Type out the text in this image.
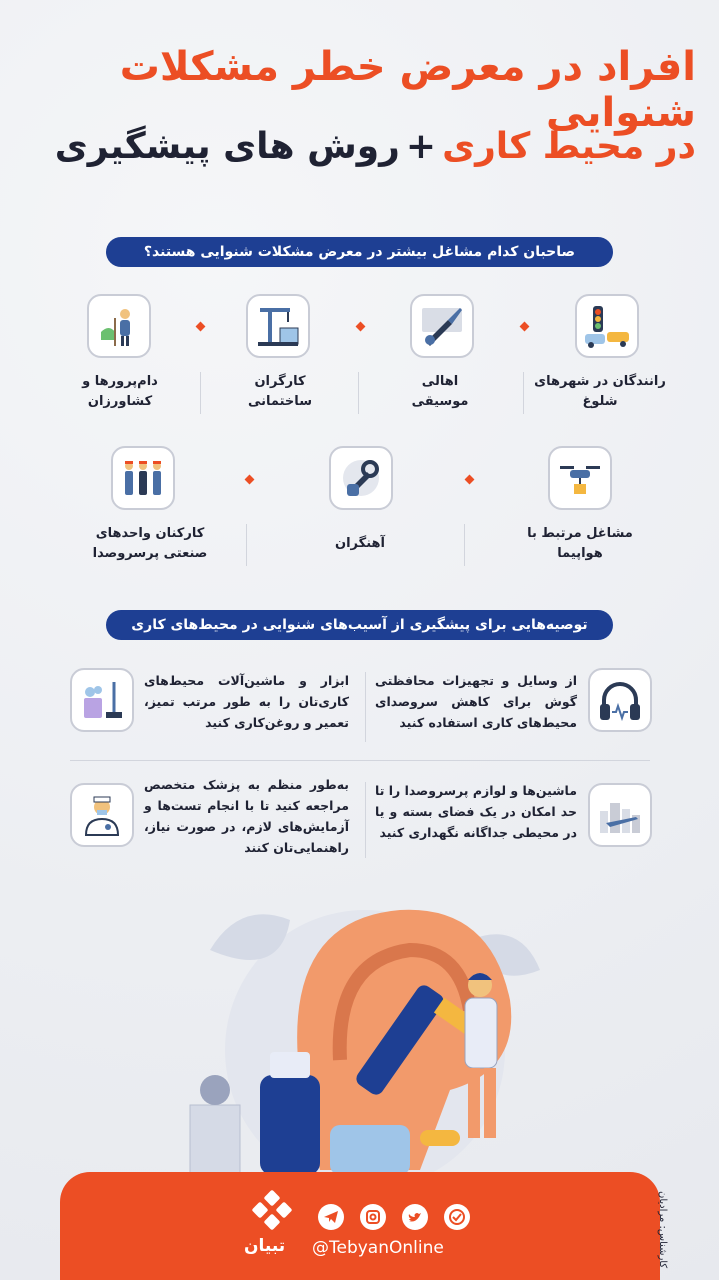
افراد در معرض خطر مشکلات شنوایی
در محیط کاری+روش های پیشگیری
صاحبان کدام مشاغل بیشتر در معرض مشکلات شنوایی هستند؟
رانندگان در شهرهای
شلوغ
اهالی
موسیقی
کارگران
ساختمانی
دام‌پرورها و
کشاورزان
مشاغل مرتبط با
هواپیما
آهنگران
کارکنان واحدهای
صنعتی پرسروصدا
توصیه‌هایی برای پیشگیری از آسیب‌های شنوایی در محیط‌های کاری
از وسایل و تجهیزات محافظتی گوش برای کاهش سروصدای محیط‌های کاری استفاده کنید
ابزار و ماشین‌آلات محیط‌های کاری‌تان را به طور مرتب تمیز، تعمیر و روغن‌کاری کنید
ماشین‌ها و لوازم پرسروصدا را تا حد امکان در یک فضای بسته و یا در محیطی جداگانه نگهداری کنید
به‌طور منظم به پزشک متخصص مراجعه کنید تا با انجام تست‌ها و آزمایش‌های لازم، در صورت نیاز، راهنمایی‌تان کنند
تبیان @TebyanOnline	کارشناس: مرادیان
